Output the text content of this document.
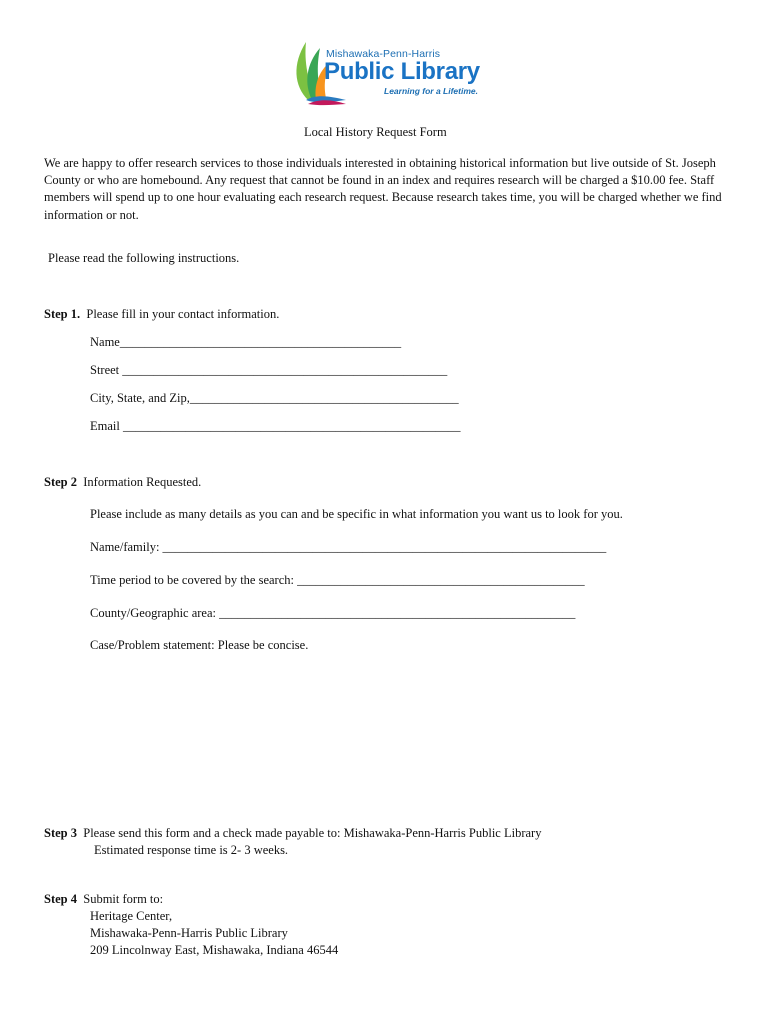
Mishawaka-Penn-Harris
Public Library
Learning for a Lifetime.
Local History Request Form
We are happy to offer research services to those individuals interested in obtaining historical information but live outside of St. Joseph County or who are homebound. Any request that cannot be found in an index and requires research will be charged a $10.00 fee. Staff members will spend up to one hour evaluating each research request. Because research takes time, you will be charged whether we find information or not.
Please read the following instructions.
Step 1. Please fill in your contact information.
Name_____________________________________________
Street ____________________________________________________
City, State, and Zip,___________________________________________
Email ______________________________________________________
Step 2 Information Requested.
Please include as many details as you can and be specific in what information you want us to look for you.
Name/family: _______________________________________________________________________
Time period to be covered by the search: ______________________________________________
County/Geographic area: _________________________________________________________
Case/Problem statement: Please be concise.
Step 3 Please send this form and a check made payable to: Mishawaka-Penn-Harris Public Library
Estimated response time is 2- 3 weeks.
Step 4 Submit form to:
Heritage Center,
Mishawaka-Penn-Harris Public Library
209 Lincolnway East, Mishawaka, Indiana 46544
